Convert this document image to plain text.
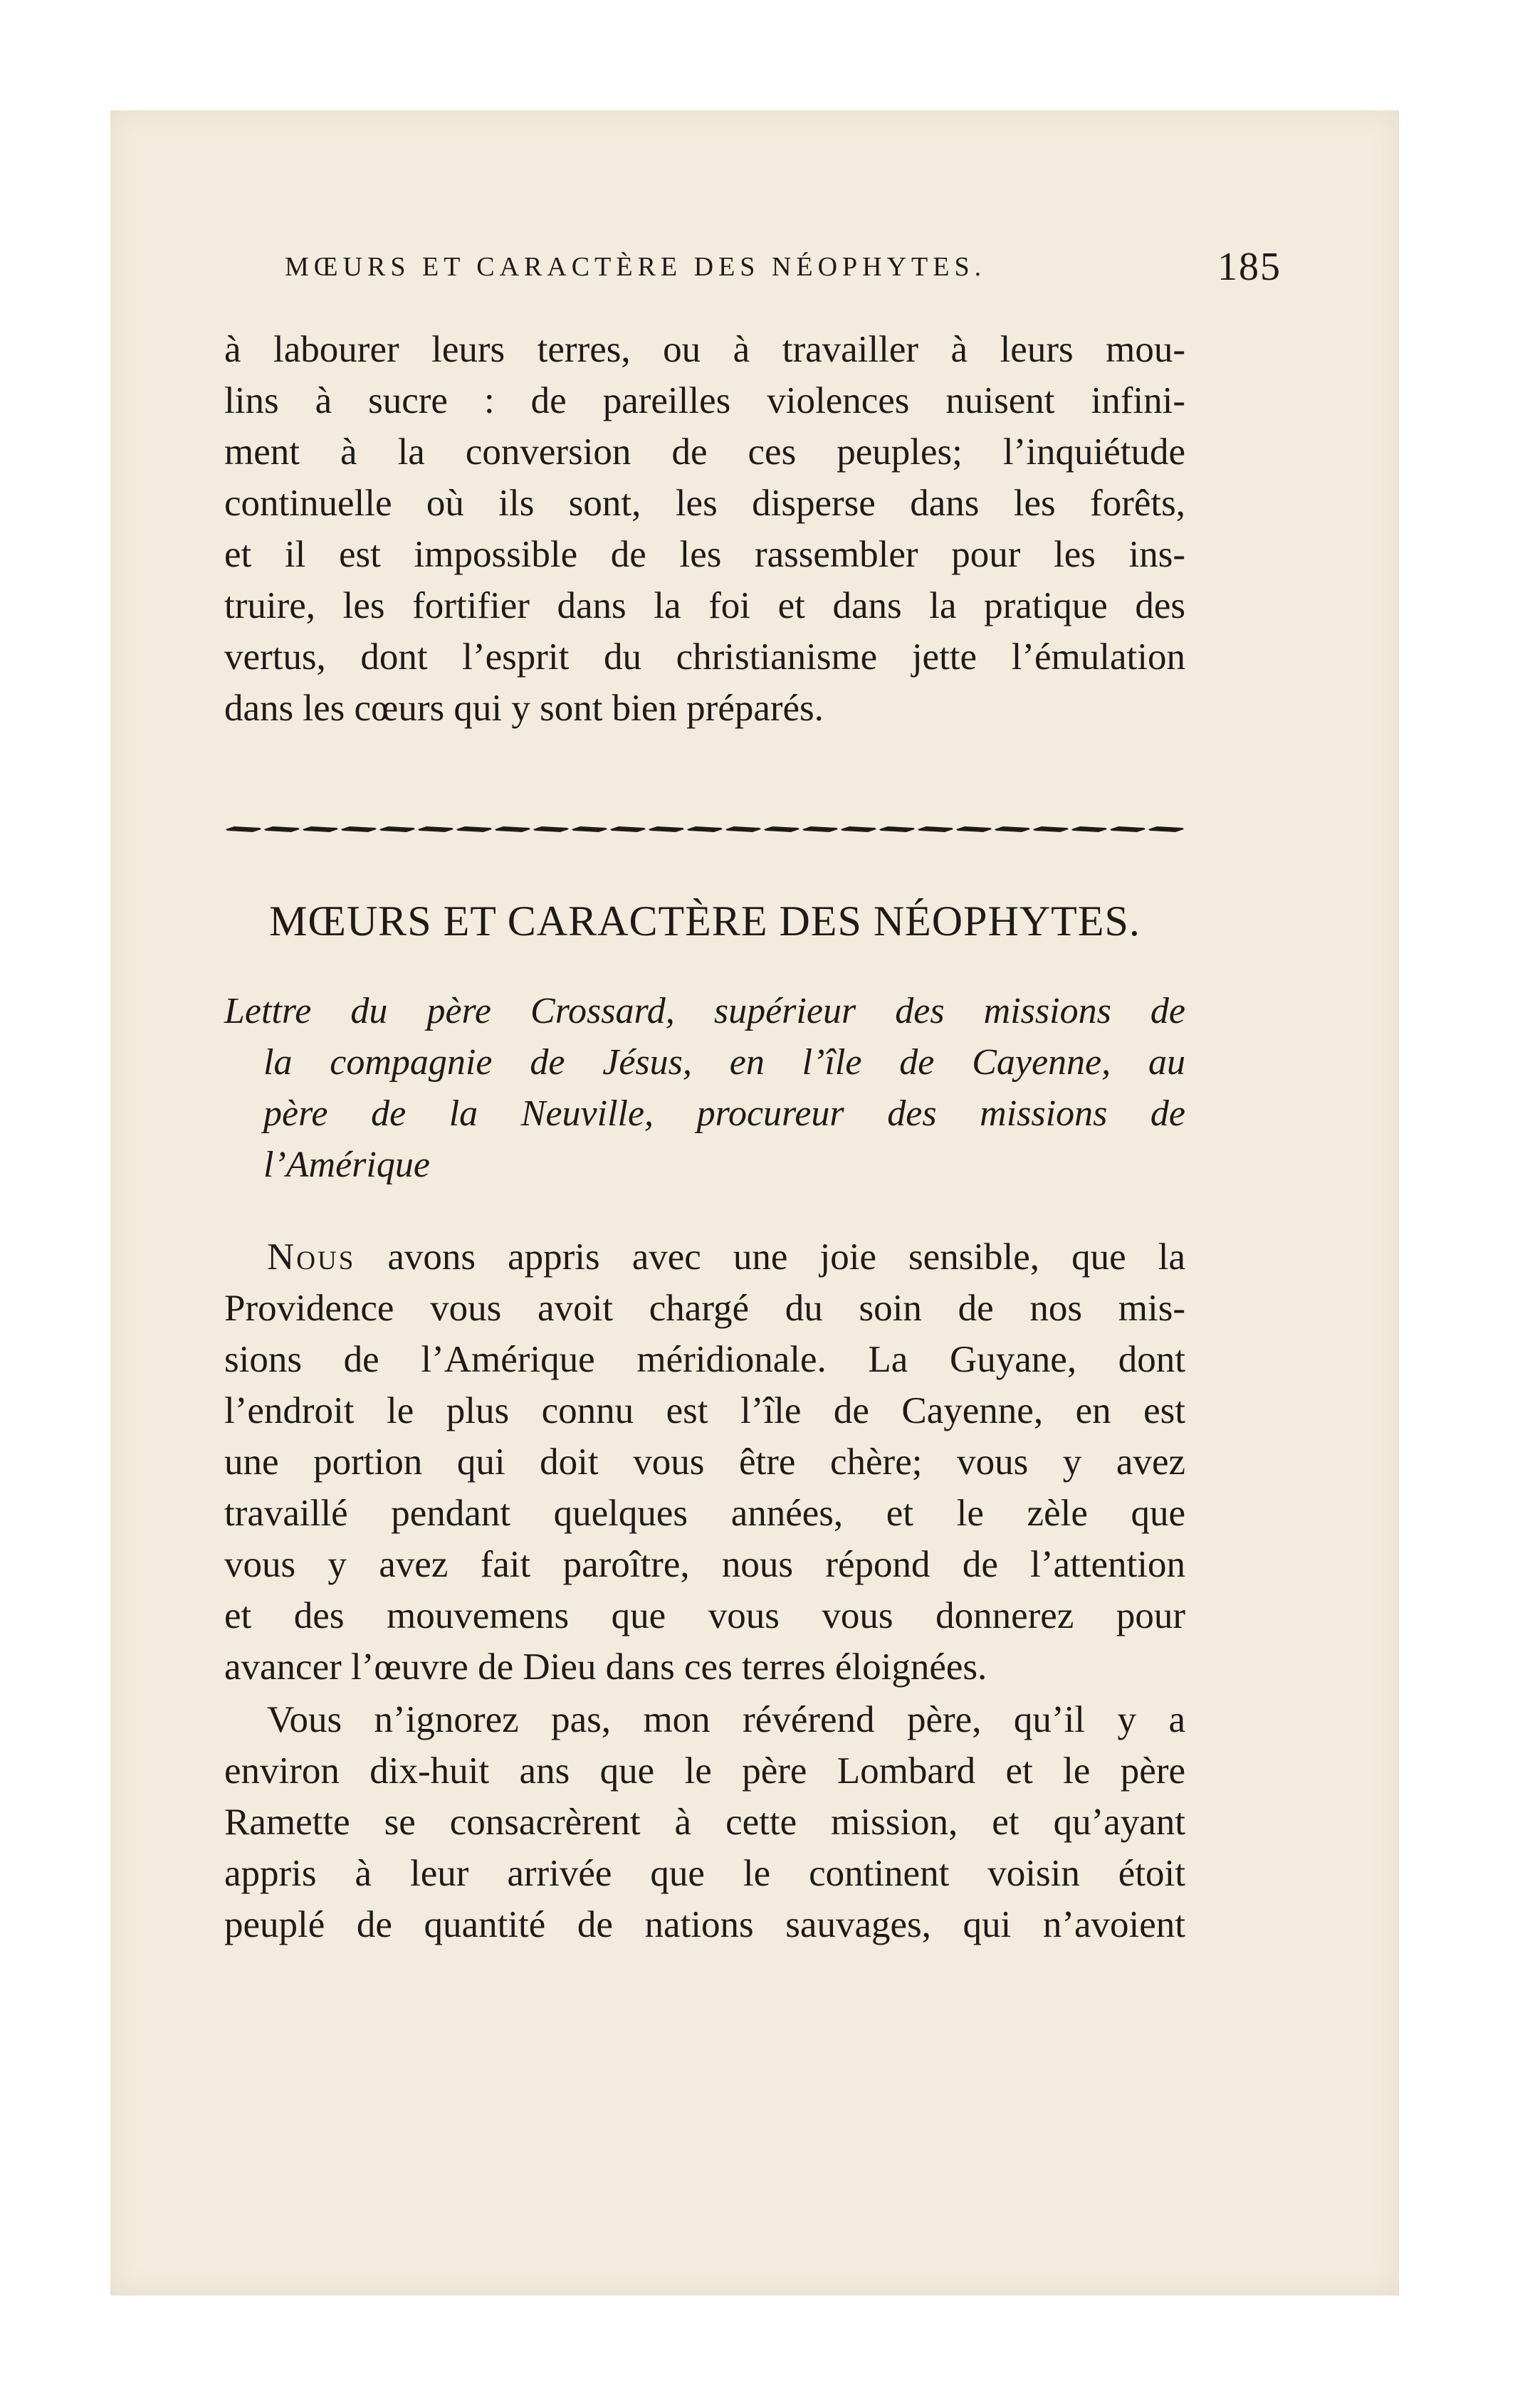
MŒURS ET CARACTÈRE DES NÉOPHYTES.	185
à labourer leurs terres, ou à travailler à leurs mou-
lins à sucre : de pareilles violences nuisent infini-
ment à la conversion de ces peuples; l’inquiétude
continuelle où ils sont, les disperse dans les forêts,
et il est impossible de les rassembler pour les ins-
truire, les fortifier dans la foi et dans la pratique des
vertus, dont l’esprit du christianisme jette l’émulation
dans les cœurs qui y sont bien préparés.
MŒURS ET CARACTÈRE DES NÉOPHYTES.
Lettre du père Crossard, supérieur des missions de
la compagnie de Jésus, en l’île de Cayenne, au
père de la Neuville, procureur des missions de
l’Amérique
Nous avons appris avec une joie sensible, que la
Providence vous avoit chargé du soin de nos mis-
sions de l’Amérique méridionale. La Guyane, dont
l’endroit le plus connu est l’île de Cayenne, en est
une portion qui doit vous être chère; vous y avez
travaillé pendant quelques années, et le zèle que
vous y avez fait paroître, nous répond de l’attention
et des mouvemens que vous vous donnerez pour
avancer l’œuvre de Dieu dans ces terres éloignées.
Vous n’ignorez pas, mon révérend père, qu’il y a
environ dix-huit ans que le père Lombard et le père
Ramette se consacrèrent à cette mission, et qu’ayant
appris à leur arrivée que le continent voisin étoit
peuplé de quantité de nations sauvages, qui n’avoient
